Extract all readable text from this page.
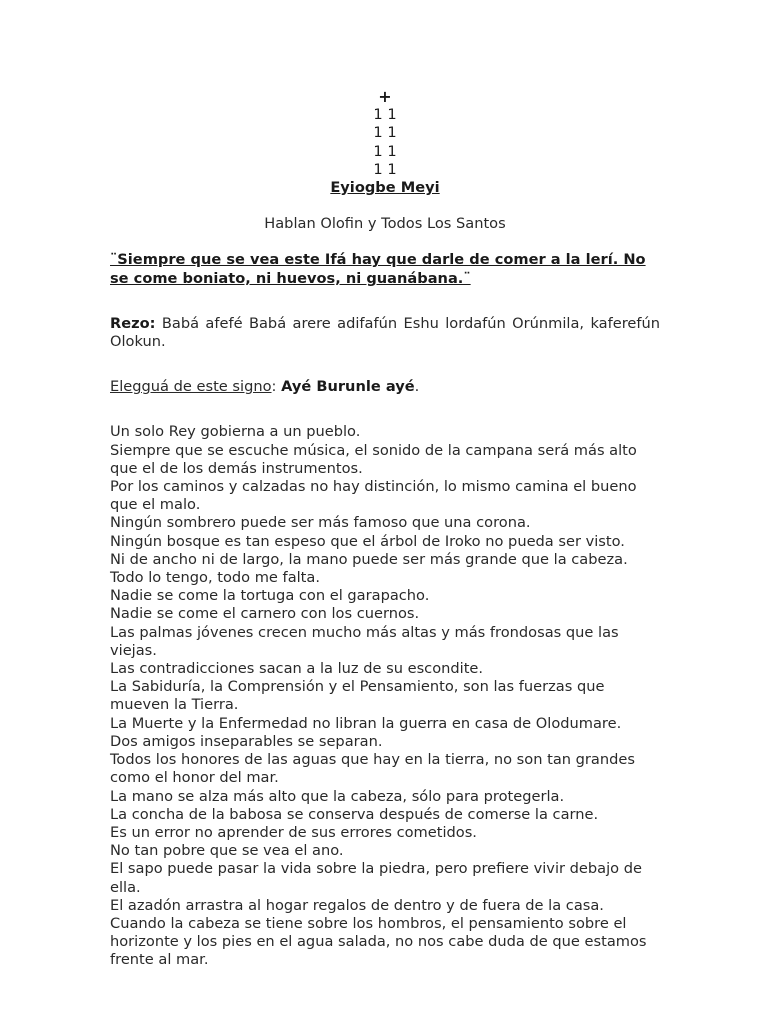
+
1 1
1 1
1 1
1 1
Eyiogbe Meyi
Hablan Olofin y Todos Los Santos
¨Siempre que se vea este Ifá hay que darle de comer a la lerí. No se come boniato, ni huevos, ni guanábana.¨
Rezo: Babá afefé Babá arere adifafún Eshu lordafún Orúnmila, kaferefún Olokun.
Elegguá de este signo: Ayé Burunle ayé.
Un solo Rey gobierna a un pueblo.
Siempre que se escuche música, el sonido de la campana será más alto que el de los demás instrumentos.
Por los caminos y calzadas no hay distinción, lo mismo camina el bueno que el malo.
Ningún sombrero puede ser más famoso que una corona.
Ningún bosque es tan espeso que el árbol de Iroko no pueda ser visto.
Ni de ancho ni de largo, la mano puede ser más grande que la cabeza.
Todo lo tengo, todo me falta.
Nadie se come la tortuga con el garapacho.
Nadie se come el carnero con los cuernos.
Las palmas jóvenes crecen mucho más altas y más frondosas que las viejas.
Las contradicciones sacan a la luz de su escondite.
La Sabiduría, la Comprensión y el Pensamiento, son las fuerzas que mueven la Tierra.
La Muerte y la Enfermedad no libran la guerra en casa de Olodumare.
Dos amigos inseparables se separan.
Todos los honores de las aguas que hay en la tierra, no son tan grandes como el honor del mar.
La mano se alza más alto que la cabeza, sólo para protegerla.
La concha de la babosa se conserva después de comerse la carne.
Es un error no aprender de sus errores cometidos.
No tan pobre que se vea el ano.
El sapo puede pasar la vida sobre la piedra, pero prefiere vivir debajo de ella.
El azadón arrastra al hogar regalos de dentro y de fuera de la casa.
Cuando la cabeza se tiene sobre los hombros, el pensamiento sobre el horizonte y los pies en el agua salada, no nos cabe duda de que estamos frente al mar.
